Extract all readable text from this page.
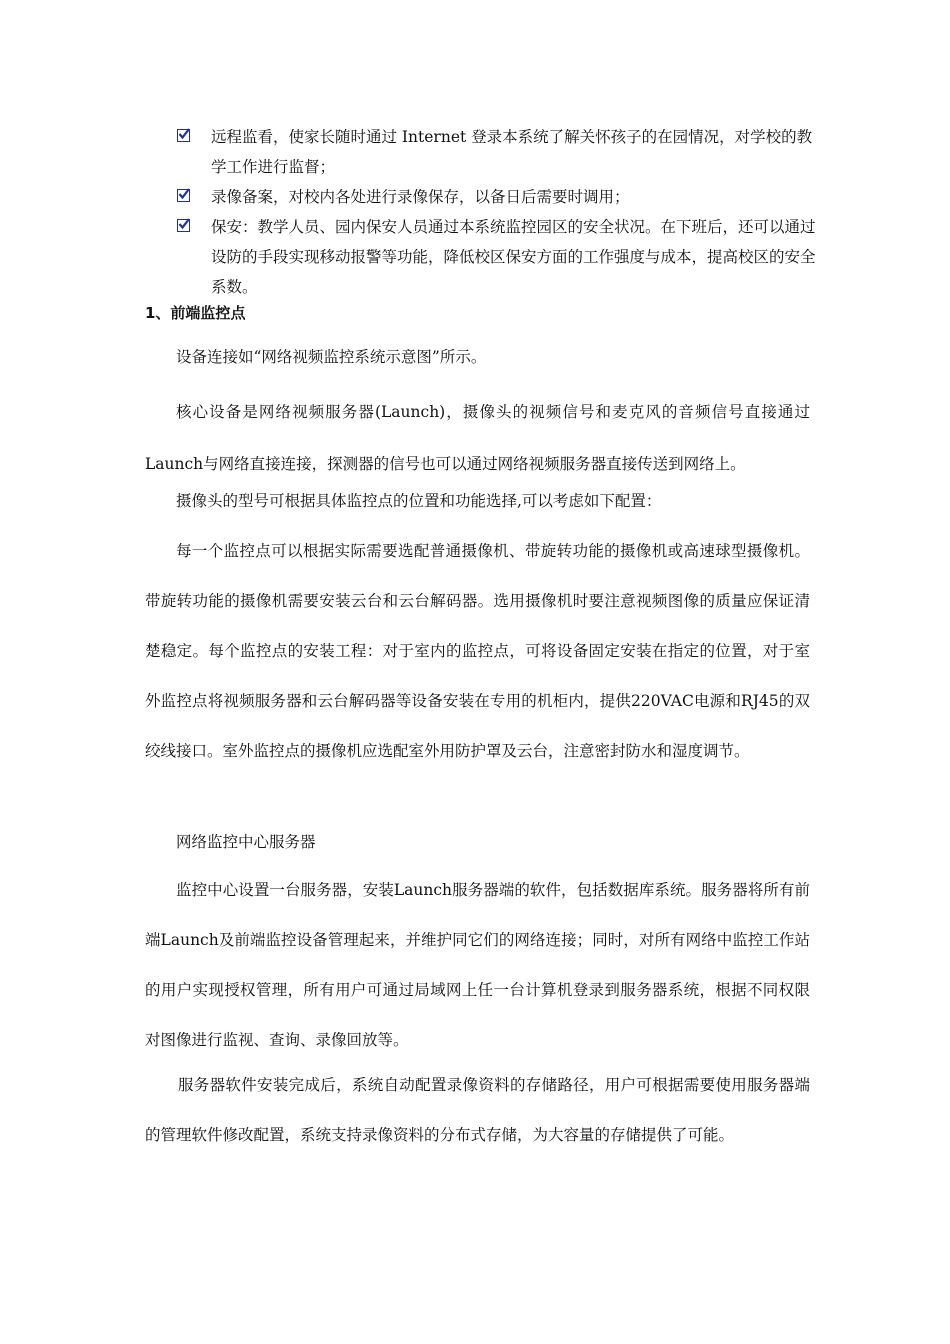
远程监看，使家长随时通过 Internet 登录本系统了解关怀孩子的在园情况，对学校的教学工作进行监督；
录像备案，对校内各处进行录像保存，以备日后需要时调用；
保安：教学人员、园内保安人员通过本系统监控园区的安全状况。在下班后，还可以通过设防的手段实现移动报警等功能，降低校区保安方面的工作强度与成本，提高校区的安全系数。
1、前端监控点

设备连接如“网络视频监控系统示意图”所示。

核心设备是网络视频服务器(Launch)，摄像头的视频信号和麦克风的音频信号直接通过Launch与网络直接连接，探测器的信号也可以通过网络视频服务器直接传送到网络上。

摄像头的型号可根据具体监控点的位置和功能选择,可以考虑如下配置：

每一个监控点可以根据实际需要选配普通摄像机、带旋转功能的摄像机或高速球型摄像机。带旋转功能的摄像机需要安装云台和云台解码器。选用摄像机时要注意视频图像的质量应保证清楚稳定。每个监控点的安装工程：对于室内的监控点，可将设备固定安装在指定的位置，对于室外监控点将视频服务器和云台解码器等设备安装在专用的机柜内，提供220VAC电源和RJ45的双绞线接口。室外监控点的摄像机应选配室外用防护罩及云台，注意密封防水和湿度调节。

网络监控中心服务器

监控中心设置一台服务器，安装Launch服务器端的软件，包括数据库系统。服务器将所有前端Launch及前端监控设备管理起来，并维护同它们的网络连接；同时，对所有网络中监控工作站的用户实现授权管理，所有用户可通过局域网上任一台计算机登录到服务器系统，根据不同权限对图像进行监视、查询、录像回放等。

服务器软件安装完成后，系统自动配置录像资料的存储路径，用户可根据需要使用服务器端的管理软件修改配置，系统支持录像资料的分布式存储，为大容量的存储提供了可能。
